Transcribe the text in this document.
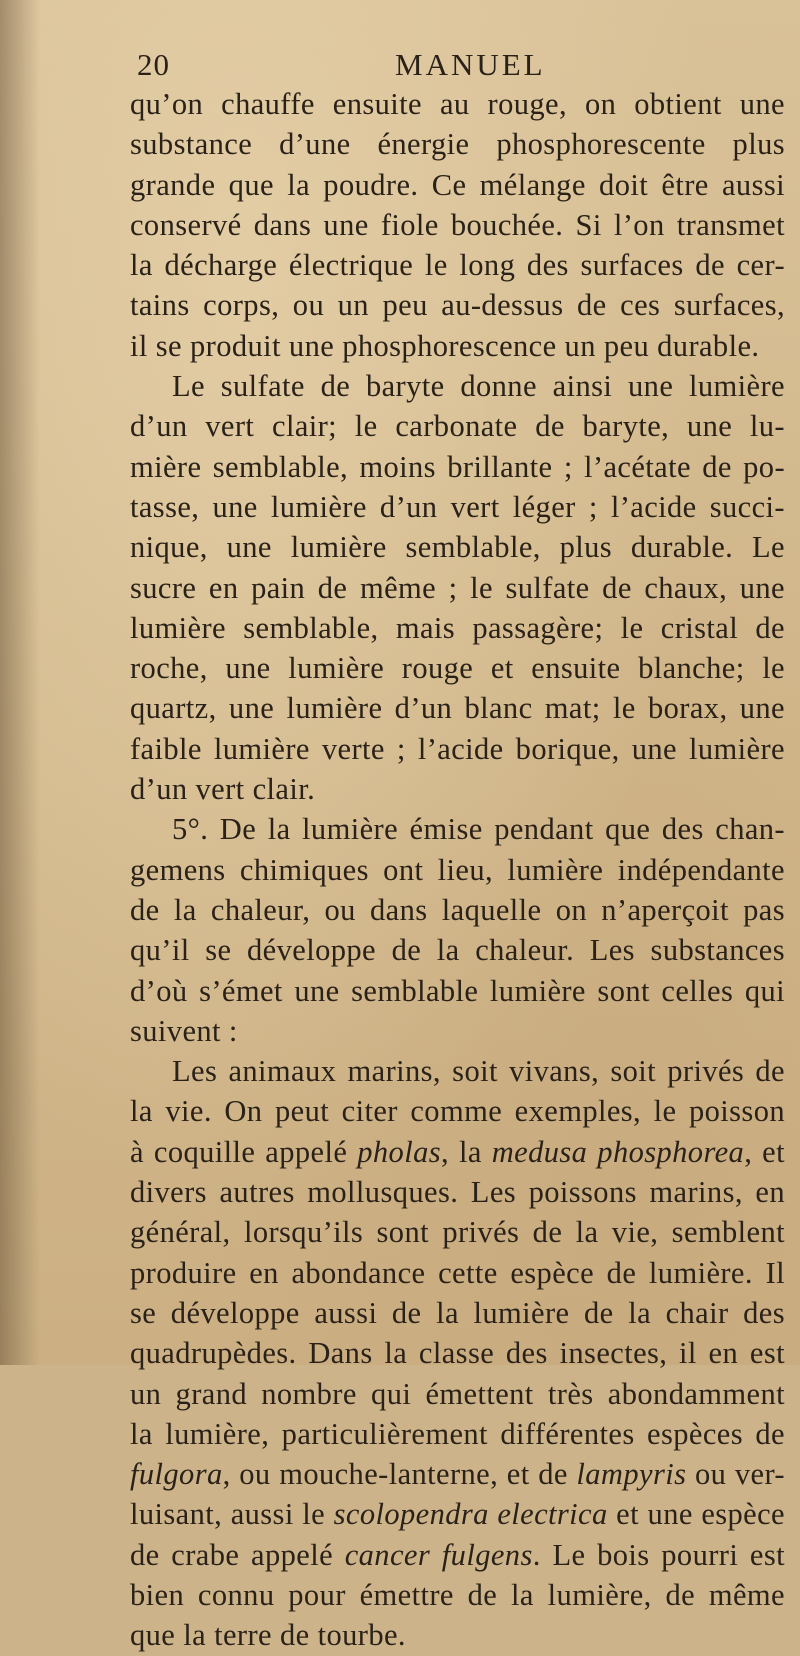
20	MANUEL
qu’on chauffe ensuite au rouge, on obtient une
substance d’une énergie phosphorescente plus
grande que la poudre. Ce mélange doit être aussi
conservé dans une fiole bouchée. Si l’on transmet
la décharge électrique le long des surfaces de cer-
tains corps, ou un peu au-dessus de ces surfaces,
il se produit une phosphorescence un peu durable.
Le sulfate de baryte donne ainsi une lumière
d’un vert clair; le carbonate de baryte, une lu-
mière semblable, moins brillante ; l’acétate de po-
tasse, une lumière d’un vert léger ; l’acide succi-
nique, une lumière semblable, plus durable. Le
sucre en pain de même ; le sulfate de chaux, une
lumière semblable, mais passagère; le cristal de
roche, une lumière rouge et ensuite blanche; le
quartz, une lumière d’un blanc mat; le borax, une
faible lumière verte ; l’acide borique, une lumière
d’un vert clair.
5°. De la lumière émise pendant que des chan-
gemens chimiques ont lieu, lumière indépendante
de la chaleur, ou dans laquelle on n’aperçoit pas
qu’il se développe de la chaleur. Les substances
d’où s’émet une semblable lumière sont celles qui
suivent :
Les animaux marins, soit vivans, soit privés de
la vie. On peut citer comme exemples, le poisson
à coquille appelé pholas, la medusa phosphorea, et
divers autres mollusques. Les poissons marins, en
général, lorsqu’ils sont privés de la vie, semblent
produire en abondance cette espèce de lumière. Il
se développe aussi de la lumière de la chair des
quadrupèdes. Dans la classe des insectes, il en est
un grand nombre qui émettent très abondamment
la lumière, particulièrement différentes espèces de
fulgora, ou mouche-lanterne, et de lampyris ou ver-
luisant, aussi le scolopendra electrica et une espèce
de crabe appelé cancer fulgens. Le bois pourri est
bien connu pour émettre de la lumière, de même
que la terre de tourbe.
